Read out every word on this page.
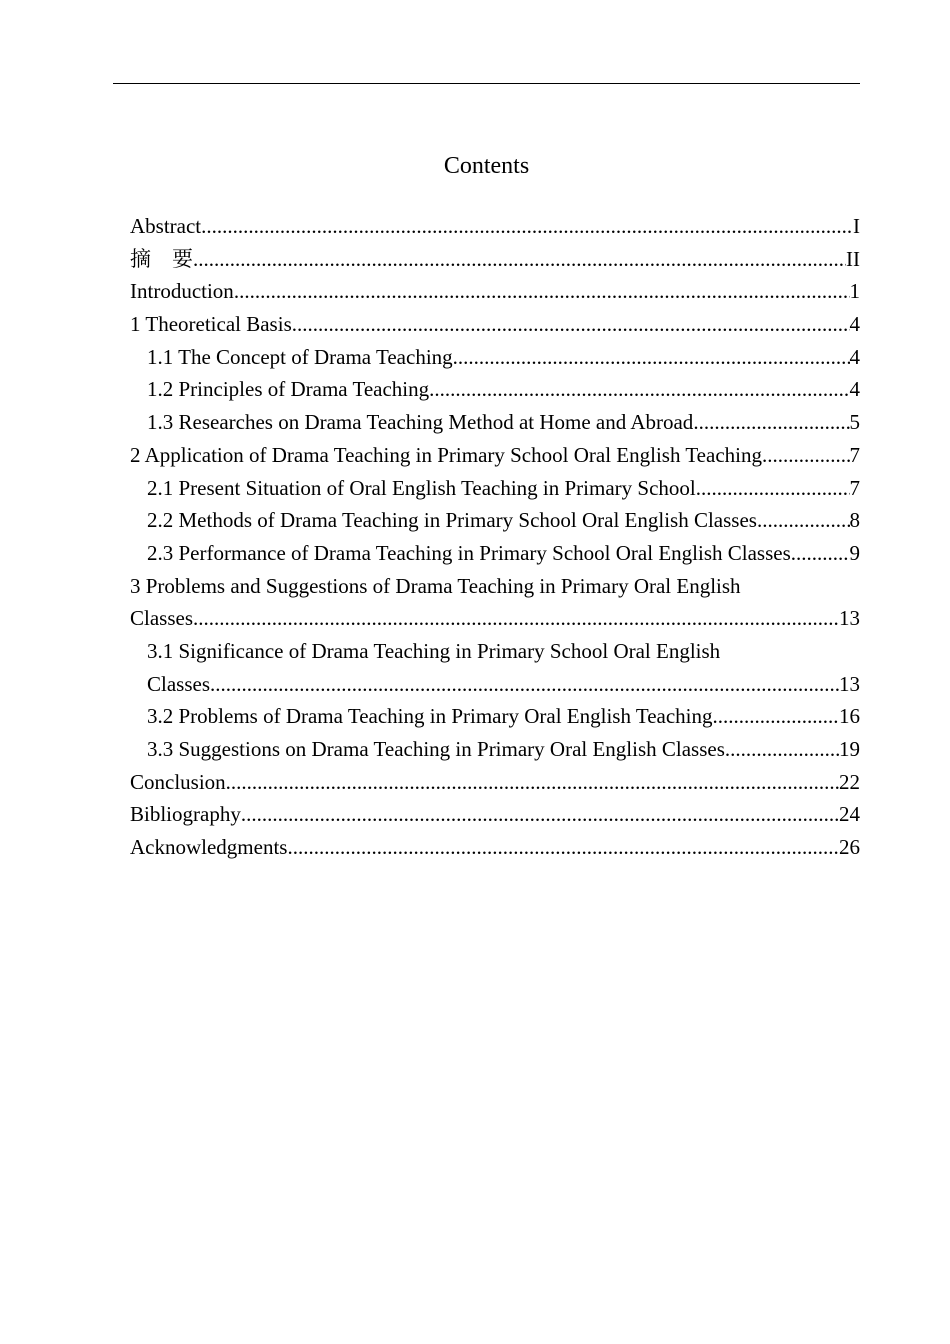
Contents
Abstract .....	I
摘　要 .....	II
Introduction .....	1
1 Theoretical Basis .....	4
1.1 The Concept of Drama Teaching .....	4
1.2 Principles of Drama Teaching .....	4
1.3 Researches on Drama Teaching Method at Home and Abroad .....	5
2 Application of Drama Teaching in Primary School Oral English Teaching .....	7
2.1 Present Situation of Oral English Teaching in Primary School .....	7
2.2 Methods of Drama Teaching in Primary School Oral English Classes .....	8
2.3 Performance of Drama Teaching in Primary School Oral English Classes. .....	9
3 Problems and Suggestions of Drama Teaching in Primary Oral English
Classes .....	13
3.1 Significance of Drama Teaching in Primary School Oral English
Classes .....	13
3.2 Problems of Drama Teaching in Primary Oral English Teaching .....	16
3.3 Suggestions on Drama Teaching in Primary Oral English Classes .....	19
Conclusion .....	22
Bibliography .....	24
Acknowledgments .....	26
